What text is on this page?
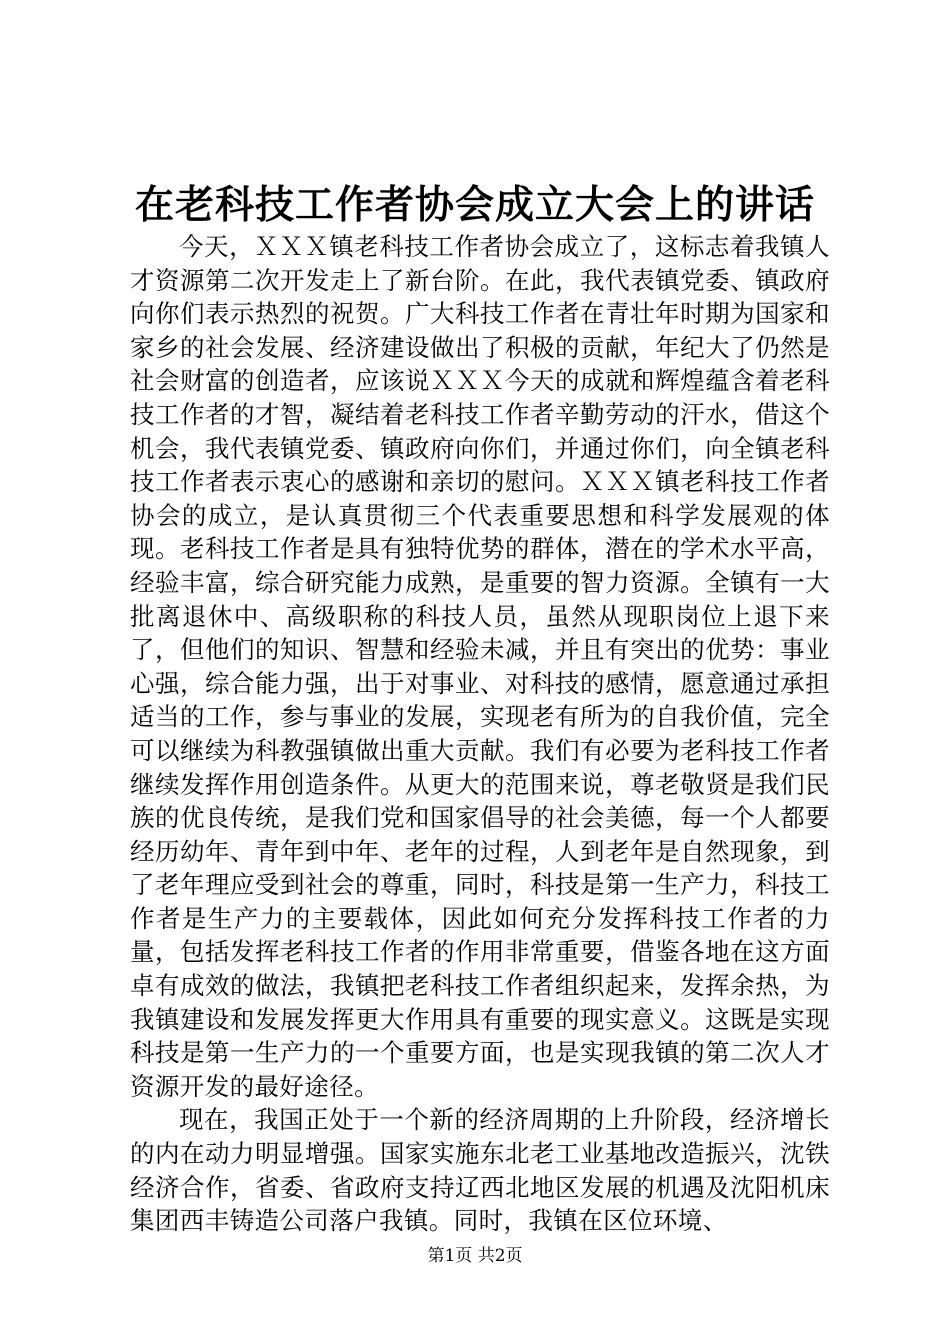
在老科技工作者协会成立大会上的讲话

今天，ＸＸＸ镇老科技工作者协会成立了，这标志着我镇人才资源第二次开发走上了新台阶。在此，我代表镇党委、镇政府向你们表示热烈的祝贺。广大科技工作者在青壮年时期为国家和家乡的社会发展、经济建设做出了积极的贡献，年纪大了仍然是社会财富的创造者，应该说ＸＸＸ今天的成就和辉煌蕴含着老科技工作者的才智，凝结着老科技工作者辛勤劳动的汗水，借这个机会，我代表镇党委、镇政府向你们，并通过你们，向全镇老科技工作者表示衷心的感谢和亲切的慰问。ＸＸＸ镇老科技工作者协会的成立，是认真贯彻三个代表重要思想和科学发展观的体现。老科技工作者是具有独特优势的群体，潜在的学术水平高，经验丰富，综合研究能力成熟，是重要的智力资源。全镇有一大批离退休中、高级职称的科技人员，虽然从现职岗位上退下来了，但他们的知识、智慧和经验未减，并且有突出的优势：事业心强，综合能力强，出于对事业、对科技的感情，愿意通过承担适当的工作，参与事业的发展，实现老有所为的自我价值，完全可以继续为科教强镇做出重大贡献。我们有必要为老科技工作者继续发挥作用创造条件。从更大的范围来说，尊老敬贤是我们民族的优良传统，是我们党和国家倡导的社会美德，每一个人都要经历幼年、青年到中年、老年的过程，人到老年是自然现象，到了老年理应受到社会的尊重，同时，科技是第一生产力，科技工作者是生产力的主要载体，因此如何充分发挥科技工作者的力量，包括发挥老科技工作者的作用非常重要，借鉴各地在这方面卓有成效的做法，我镇把老科技工作者组织起来，发挥余热，为我镇建设和发展发挥更大作用具有重要的现实意义。这既是实现科技是第一生产力的一个重要方面，也是实现我镇的第二次人才资源开发的最好途径。

现在，我国正处于一个新的经济周期的上升阶段，经济增长的内在动力明显增强。国家实施东北老工业基地改造振兴，沈铁经济合作，省委、省政府支持辽西北地区发展的机遇及沈阳机床集团西丰铸造公司落户我镇。同时，我镇在区位环境、

第1页 共2页
